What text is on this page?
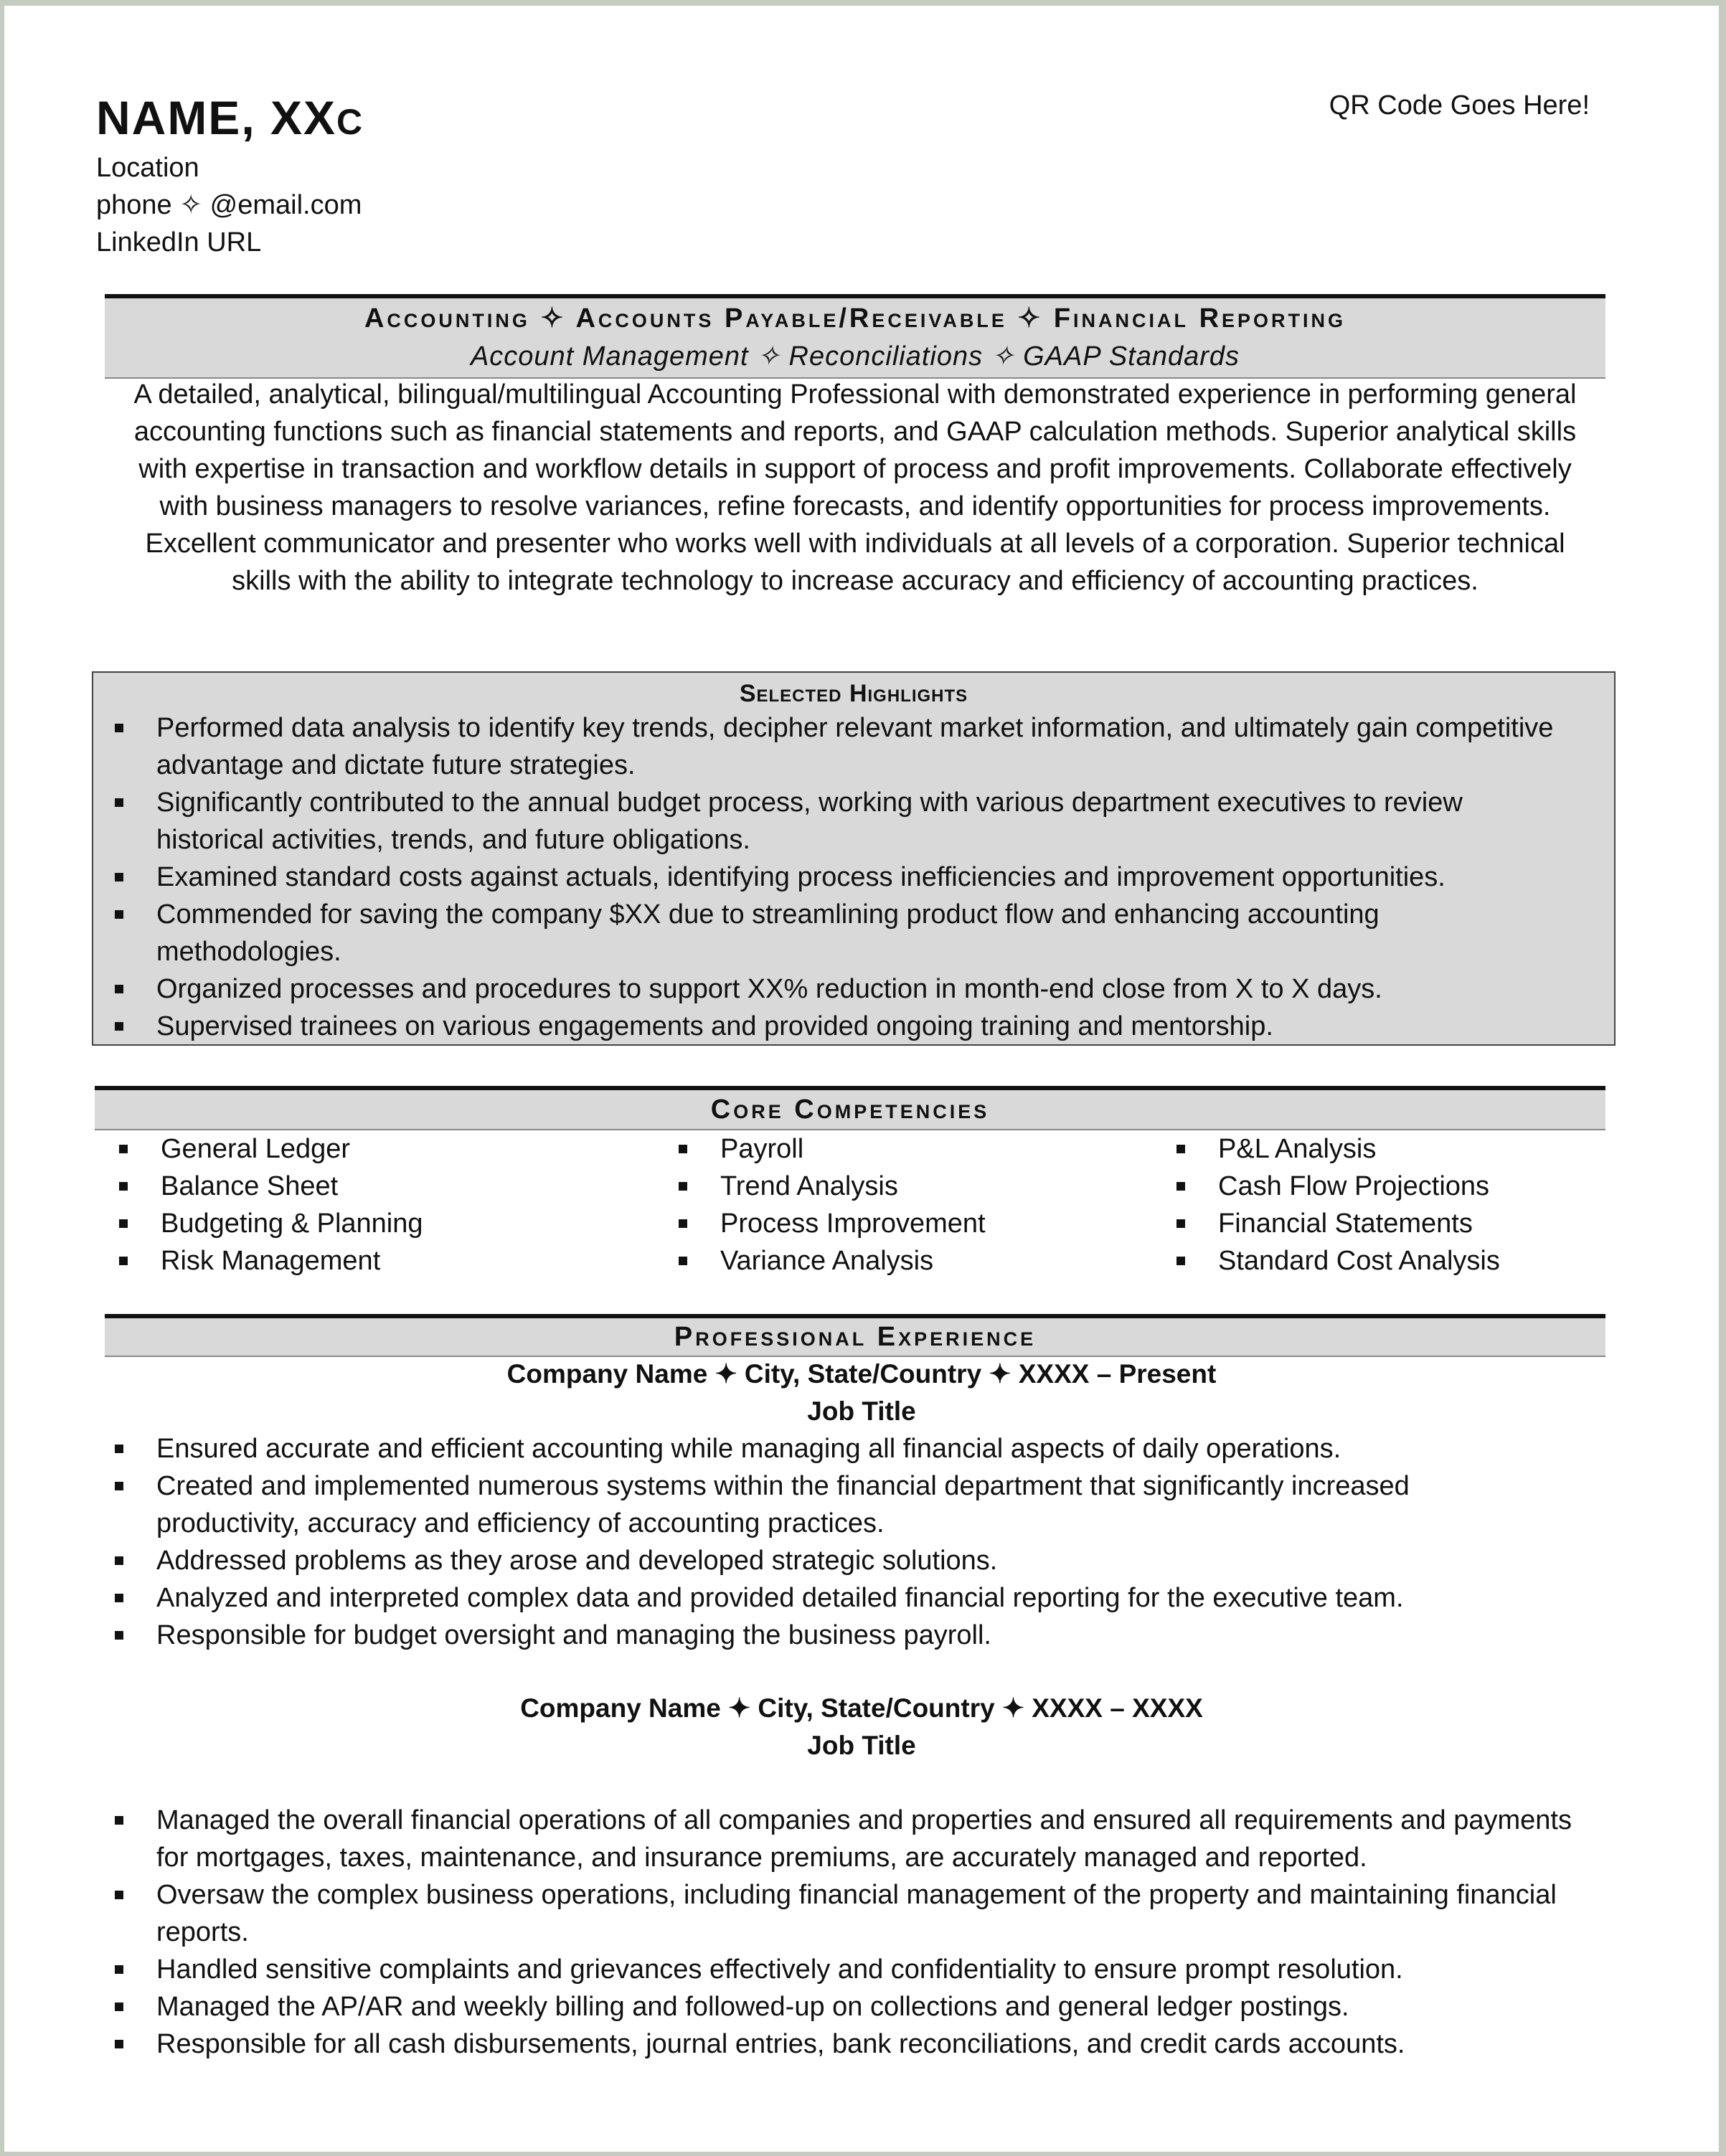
NAME, XXC
Location
phone ✧ @email.com
LinkedIn URL
QR Code Goes Here!
Accounting ✧ Accounts Payable/Receivable ✧ Financial Reporting
Account Management ✧ Reconciliations ✧ GAAP Standards
A detailed, analytical, bilingual/multilingual Accounting Professional with demonstrated experience in performing general accounting functions such as financial statements and reports, and GAAP calculation methods. Superior analytical skills with expertise in transaction and workflow details in support of process and profit improvements. Collaborate effectively with business managers to resolve variances, refine forecasts, and identify opportunities for process improvements. Excellent communicator and presenter who works well with individuals at all levels of a corporation. Superior technical skills with the ability to integrate technology to increase accuracy and efficiency of accounting practices.
Selected Highlights
Performed data analysis to identify key trends, decipher relevant market information, and ultimately gain competitive advantage and dictate future strategies.
Significantly contributed to the annual budget process, working with various department executives to review historical activities, trends, and future obligations.
Examined standard costs against actuals, identifying process inefficiencies and improvement opportunities.
Commended for saving the company $XX due to streamlining product flow and enhancing accounting methodologies.
Organized processes and procedures to support XX% reduction in month-end close from X to X days.
Supervised trainees on various engagements and provided ongoing training and mentorship.
Core Competencies
General Ledger
Balance Sheet
Budgeting & Planning
Risk Management
Payroll
Trend Analysis
Process Improvement
Variance Analysis
P&L Analysis
Cash Flow Projections
Financial Statements
Standard Cost Analysis
Professional Experience
Company Name ✦ City, State/Country ✦ XXXX – Present
Job Title
Ensured accurate and efficient accounting while managing all financial aspects of daily operations.
Created and implemented numerous systems within the financial department that significantly increased productivity, accuracy and efficiency of accounting practices.
Addressed problems as they arose and developed strategic solutions.
Analyzed and interpreted complex data and provided detailed financial reporting for the executive team.
Responsible for budget oversight and managing the business payroll.
Company Name ✦ City, State/Country ✦ XXXX – XXXX
Job Title
Managed the overall financial operations of all companies and properties and ensured all requirements and payments for mortgages, taxes, maintenance, and insurance premiums, are accurately managed and reported.
Oversaw the complex business operations, including financial management of the property and maintaining financial reports.
Handled sensitive complaints and grievances effectively and confidentiality to ensure prompt resolution.
Managed the AP/AR and weekly billing and followed-up on collections and general ledger postings.
Responsible for all cash disbursements, journal entries, bank reconciliations, and credit cards accounts.
